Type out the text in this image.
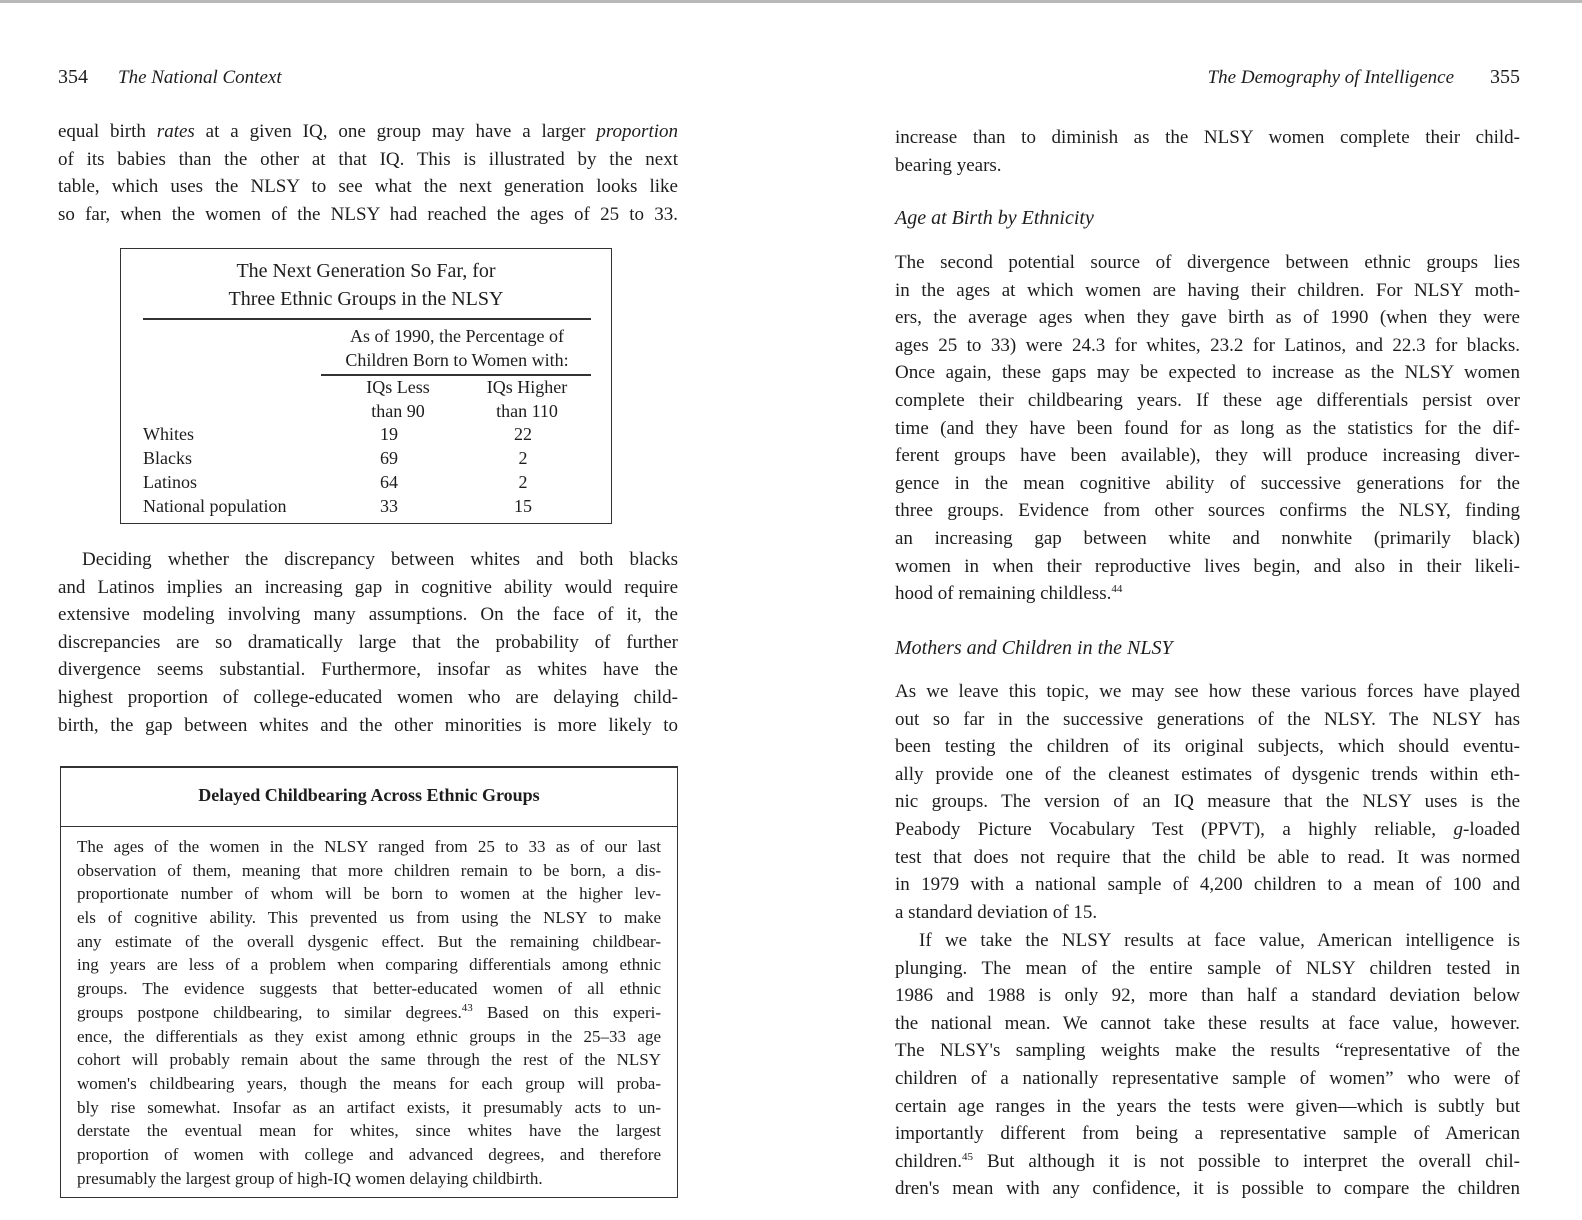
354 The National Context

equal birth rates at a given IQ, one group may have a larger proportion
of its babies than the other at that IQ. This is illustrated by the next
table, which uses the NLSY to see what the next generation looks like
so far, when the women of the NLSY had reached the ages of 25 to 33.

The Next Generation So Far, for
Three Ethnic Groups in the NLSY
As of 1990, the Percentage of
Children Born to Women with:
IQs Less
than 90
IQs Higher
than 110
Whites	19	22
Blacks	69	2
Latinos	64	2
National population	33	15

Deciding whether the discrepancy between whites and both blacks
and Latinos implies an increasing gap in cognitive ability would require
extensive modeling involving many assumptions. On the face of it, the
discrepancies are so dramatically large that the probability of further
divergence seems substantial. Furthermore, insofar as whites have the
highest proportion of college-educated women who are delaying child-
birth, the gap between whites and the other minorities is more likely to

Delayed Childbearing Across Ethnic Groups

The ages of the women in the NLSY ranged from 25 to 33 as of our last
observation of them, meaning that more children remain to be born, a dis-
proportionate number of whom will be born to women at the higher lev-
els of cognitive ability. This prevented us from using the NLSY to make
any estimate of the overall dysgenic effect. But the remaining childbear-
ing years are less of a problem when comparing differentials among ethnic
groups. The evidence suggests that better-educated women of all ethnic
groups postpone childbearing, to similar degrees.$^{43}$ Based on this experi-
ence, the differentials as they exist among ethnic groups in the 25–33 age
cohort will probably remain about the same through the rest of the NLSY
women's childbearing years, though the means for each group will proba-
bly rise somewhat. Insofar as an artifact exists, it presumably acts to un-
derstate the eventual mean for whites, since whites have the largest
proportion of women with college and advanced degrees, and therefore
presumably the largest group of high-IQ women delaying childbirth.

The Demography of Intelligence 355

increase than to diminish as the NLSY women complete their child-
bearing years.

Age at Birth by Ethnicity

The second potential source of divergence between ethnic groups lies
in the ages at which women are having their children. For NLSY moth-
ers, the average ages when they gave birth as of 1990 (when they were
ages 25 to 33) were 24.3 for whites, 23.2 for Latinos, and 22.3 for blacks.
Once again, these gaps may be expected to increase as the NLSY women
complete their childbearing years. If these age differentials persist over
time (and they have been found for as long as the statistics for the dif-
ferent groups have been available), they will produce increasing diver-
gence in the mean cognitive ability of successive generations for the
three groups. Evidence from other sources confirms the NLSY, finding
an increasing gap between white and nonwhite (primarily black)
women in when their reproductive lives begin, and also in their likeli-
hood of remaining childless.$^{44}$

Mothers and Children in the NLSY

As we leave this topic, we may see how these various forces have played
out so far in the successive generations of the NLSY. The NLSY has
been testing the children of its original subjects, which should eventu-
ally provide one of the cleanest estimates of dysgenic trends within eth-
nic groups. The version of an IQ measure that the NLSY uses is the
Peabody Picture Vocabulary Test (PPVT), a highly reliable, g-loaded
test that does not require that the child be able to read. It was normed
in 1979 with a national sample of 4,200 children to a mean of 100 and
a standard deviation of 15.

If we take the NLSY results at face value, American intelligence is
plunging. The mean of the entire sample of NLSY children tested in
1986 and 1988 is only 92, more than half a standard deviation below
the national mean. We cannot take these results at face value, however.
The NLSY's sampling weights make the results “representative of the
children of a nationally representative sample of women” who were of
certain age ranges in the years the tests were given—which is subtly but
importantly different from being a representative sample of American
children.$^{45}$ But although it is not possible to interpret the overall chil-
dren's mean with any confidence, it is possible to compare the children
